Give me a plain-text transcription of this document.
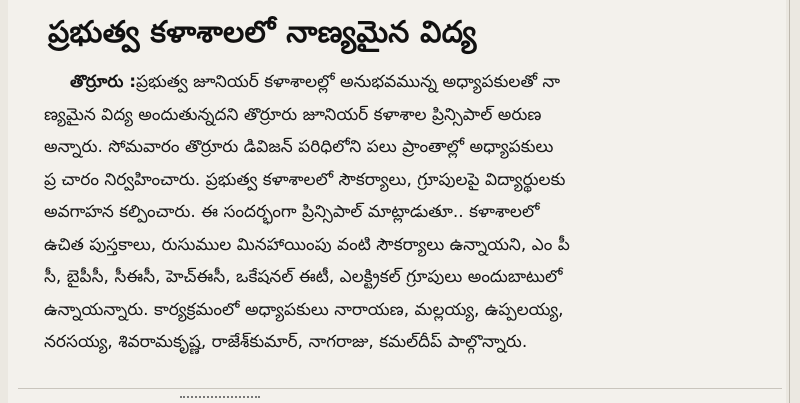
ప్రభుత్వ కళాశాలలో నాణ్యమైన విద్య
తొర్రూరు :ప్రభుత్వ జూనియర్ కళాశాలల్లో అనుభవమున్న అధ్యాపకులతో నా
ణ్యమైన విద్య అందుతున్నదని తొర్రూరు జూనియర్ కళాశాల ప్రిన్సిపాల్ అరుణ
అన్నారు. సోమవారం తొర్రూరు డివిజన్ పరిధిలోని పలు ప్రాంతాల్లో అధ్యాపకులు
ప్ర చారం నిర్వహించారు. ప్రభుత్వ కళాశాలలో సౌకర్యాలు, గ్రూపులపై విద్యార్థులకు
అవగాహన కల్పించారు. ఈ సందర్భంగా ప్రిన్సిపాల్ మాట్లాడుతూ.. కళాశాలలో
ఉచిత పుస్తకాలు, రుసుముల మినహాయింపు వంటి సౌకర్యాలు ఉన్నాయని, ఎం పీ
సీ, బైపీసీ, సీఈసీ, హెచ్ఈసీ, ఒకేషనల్ ఈటీ, ఎలక్ట్రికల్ గ్రూపులు అందుబాటులో
ఉన్నాయన్నారు. కార్యక్రమంలో అధ్యాపకులు నారాయణ, మల్లయ్య, ఉప్పలయ్య,
నరసయ్య, శివరామకృష్ణ, రాజేశ్‌కుమార్, నాగరాజు, కమల్‌దీప్ పాల్గొన్నారు.
